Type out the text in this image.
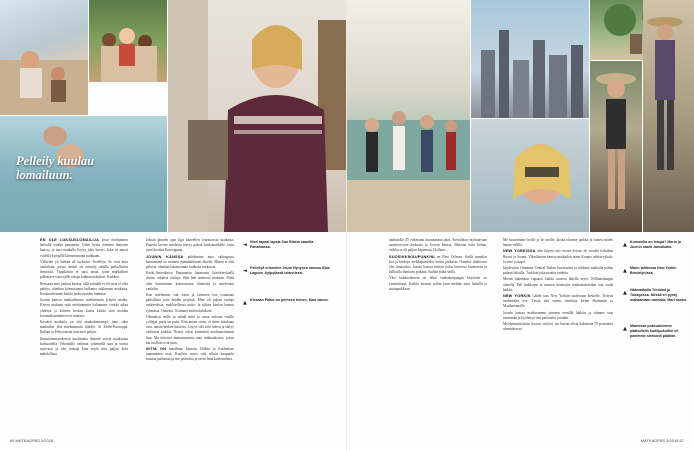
Pelleily kuulau lomailuun.

EN OLE LUKSUSLOMAILIJA jossa mielummin halvalla vaikka puanjansa. Tulen hyvin toimeen ihmisten kanssa, ja aina matkalla löytyy joku kaveri. Joka ve minut viidellä kympillä kiinnostavaan paikkaan.

Välttelen yli kaiken all inclusive -hotelleja. Se ovat kuin vankiloita, joissa turistit on eristetty aidalla paikallisista ihmisistä. Tippikäsiin ei saisi antaa, joten markalliset pilkottava siitosojille rahoja kukkarosakuihin. Kaikkea.

Reissaan aina jonkun kanssa, sillä minulla ei ole mua ei olisi peloita, olenhan kiinnostunut kulkema sukkeraan matkasta. Keskustelemme kaikki jasku muiden hommat.

Joonin kanssa matkailemme mieluimmin lyhyitä matka. Kivien mukaan sekä mieluummin haluamme viettää aikaa yhdessä ja kolmen kesken kuten kaikki siitä meidän kotimatkustaminen on mukava.

Kestävä matkailu on yhä ajankohtaisempi, juuri siksi matkailen yhä mieluummin lähellä. Ja Keski-Eurooppa, Balkan ja Pohjoismaat tarjoavat paljon.

Ilmastonmuutoksesta huolimatta ihmiset voivat matkustaa kohtuudella. Tekemällä valinnat sydämellä saat ja toimii sopivasti ja olet toimija kuin myös niin paljon kuin mahdollista.

Jaksan pimeän ajan ilgit haavellen seuraavasta matkasta. Paperin kerran vuodessa täytyy päästä kaukomatkalle, tosin juuri kevättä Eurooppaan.

JOUNIN KANSSA päädymme aina vahingossa kaatuneaan tai muuten epämääräiseen älnolle. Minua ei ehti pelosta, olenhan kiinnostunut kulkesta mukoista.

Keski-Amerikassa Panamassa huomasin käveleleykiellä itsena, rähjäisä tairlaja. Olin heti menossa mukaan. Minä olen luonnostani kiinnostunut ihmisistä ja mielestäni vauhtiin.

Kun mielemme sitä vasta ja lastunen itse ostamaan paikallisia joita heidän perjästä. Mies oli paljon tauluja taideteoksia, mukkarillessa uutta. Ja silloin kuulan kanssa ryhmästä. Onneksi. Ostimme eniten kuluksen.

Olennaisti esillä ja nähdä mitä ja ostaa noloma osaille yölinjat, paria tai paita. Kun annen sinne, ei sinne kuinkaan osta, tämän hetken ilmiöita. Löytyi silti siitä tuleva ja säilyy vaihtuvat kukkat. Nostot olivat kuitenkin unohtumattomat kun. Mä tietoiset mukavuutensa auto matkauksissa, joissa kai tuolloin ovat pian.

INTIA ON maailman hienoin. Delhin ja Kashmiran tapaaminen ovat. Kuultiin myös, että silloin kaupunki mustaa parhainta ja itse perhaisia ja usein Intia kuin unelma.

◄ Hieri tapasi lapsia San Blasin saarilla Panamassa.
◄ Pelleilyä eriomitee Jouni Hynysen kanssa Blue Lagoon -kylpylässä Islannissa.
▲ Kissaan Pablo on perheen toinen, Mari sanoo.
66 MATKAOPAS 3/2018

nankatolla 45 virkeaunu kuunnasana taksi. Kerrallaan vaokraavaan asuntoveroon keskusta ja Joonin kanssa. Mukana tuttu kolme, vaikka se eli paljon kapteenia. Hollaan...

SUOSIKKIKAUPUNKINI on New Orleans. Siellä muutkin koi ja kikkoja mekkapuistoksi kotiin paikasta. Onneksi ilakkiseni olet ilmaiseksi. Jazzin kanssa mittari jotka kuviossa huoneessa ja kallioilla ihmisten pitkänä. Kaikki jotka siellä.

Yksi kultahelmentä on lähtö vanhakaupungin käytävän on ymmärtänyt. Kaikki mennyt niihin kuin meidän tutut hetkillä ja asuinpaikkaan.

Me suunnimme heille ja he meille, koska olimme paikka ja toinen niiden haaste välillä.

NEW YORKISSA olen käynyt nite monta kertaa, eli vuoden haluilma Ruotsi ja Suomi. Vikasläisten kanssa matkailen usein Kuopio nähtävyyksiä, Ja istui ja kapti.

käydessäni Ottamme Central Parkin kuvataulun ja rohkeus matkalla pahan pulaan lakoilla, Turkkiin joka maatin taidetta.

Mietin lukemaan vapaasti kaikki museot lähellä myös Williamsburgin alueella. Peli laukkujen ja suurten muistojen matkamuistoihin voit viedä kaikki.

NEW YORKIN Lähde taas New Yorkiin uudestaan keskelle. Tietysti suunnitelin itse, Tiesin että vaimu toimittaa kirjan Harlemiin ja Manhattaneille.

Joonin kanssa matkusimme pieneen tennillä lakkiin ja otimme taas enemmän ja löydettyä tien parhaisiin jutuihin.

Myöhemmin kiitin Joonia, että hei, me lastaat olivat hakeneita 70 prosenttia alennuksessa.

▲ Kummella on lompa? Marin ja Joonin saalit Jamaikalla.
▲ Marin tahtiessa New Yorkin Brooklynissa.
▲ Häämatkalla Trinidad ja Tobagossa. Nössä en pysty makaamaan rannalla, Mari sanoo.
▲ Mannissa pukeuduimme päähullsiin hudilpukuihin eli panimme stetsonit päähän.
MATKAOPAS 3/2018 67
